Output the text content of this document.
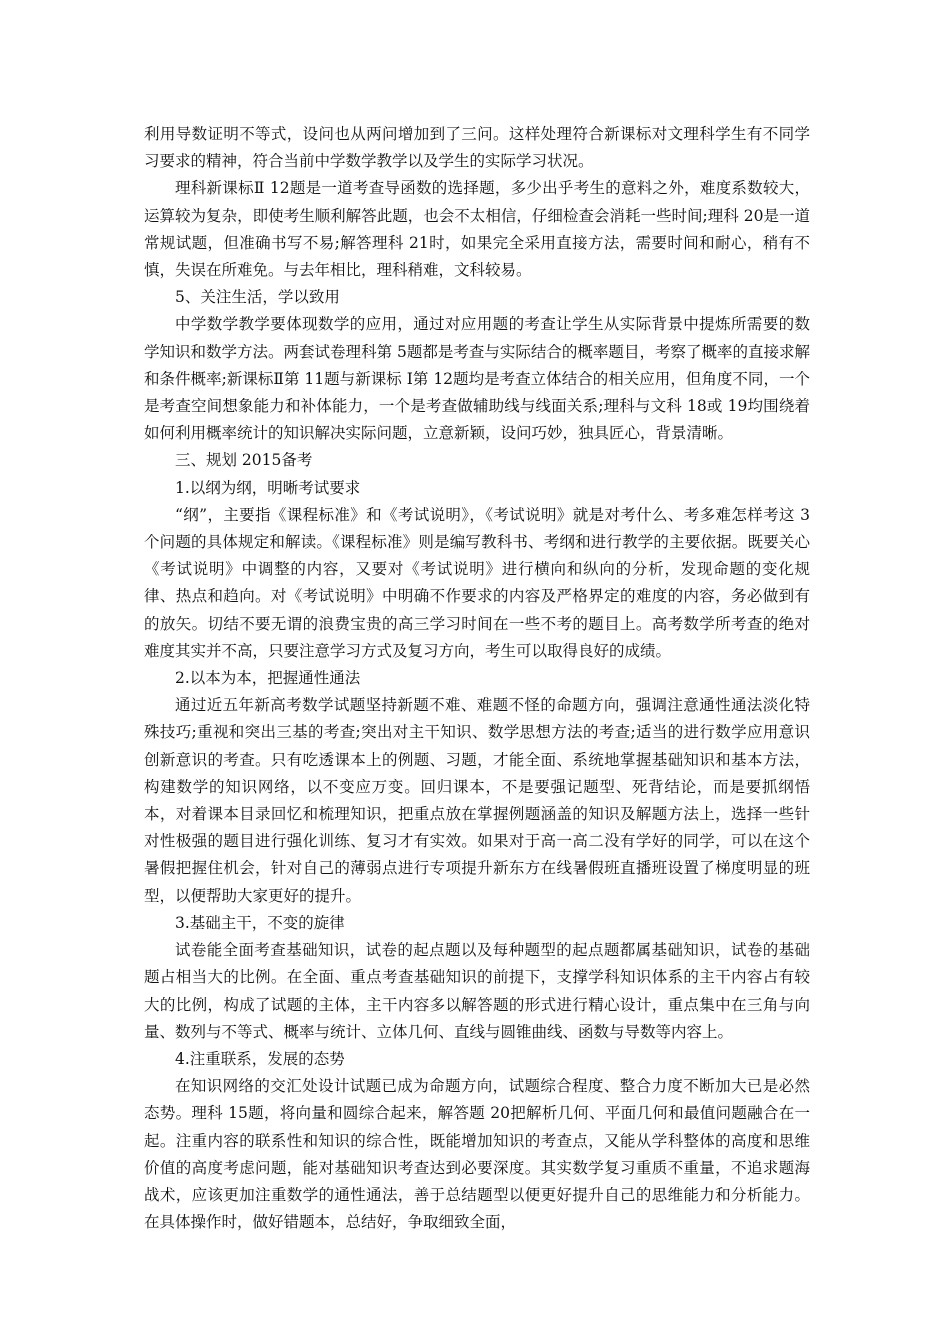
利用导数证明不等式，设问也从两问增加到了三问。这样处理符合新课标对文理科学生有不同学习要求的精神，符合当前中学数学教学以及学生的实际学习状况。

理科新课标Ⅱ 12题是一道考查导函数的选择题，多少出乎考生的意料之外，难度系数较大，运算较为复杂，即使考生顺利解答此题，也会不太相信，仔细检查会消耗一些时间;理科 20是一道常规试题，但准确书写不易;解答理科 21时，如果完全采用直接方法，需要时间和耐心，稍有不慎，失误在所难免。与去年相比，理科稍难，文科较易。

5、关注生活，学以致用

中学数学教学要体现数学的应用，通过对应用题的考查让学生从实际背景中提炼所需要的数学知识和数学方法。两套试卷理科第 5题都是考查与实际结合的概率题目，考察了概率的直接求解和条件概率;新课标Ⅱ第 11题与新课标 I第 12题均是考查立体结合的相关应用，但角度不同，一个是考查空间想象能力和补体能力，一个是考查做辅助线与线面关系;理科与文科 18或 19均围绕着如何利用概率统计的知识解决实际问题，立意新颖，设问巧妙，独具匠心，背景清晰。

三、规划 2015备考

1.以纲为纲，明晰考试要求

“纲”，主要指《课程标准》和《考试说明》，《考试说明》就是对考什么、考多难怎样考这 3个问题的具体规定和解读。《课程标准》则是编写教科书、考纲和进行教学的主要依据。既要关心《考试说明》中调整的内容，又要对《考试说明》进行横向和纵向的分析，发现命题的变化规律、热点和趋向。对《考试说明》中明确不作要求的内容及严格界定的难度的内容，务必做到有的放矢。切结不要无谓的浪费宝贵的高三学习时间在一些不考的题目上。高考数学所考查的绝对难度其实并不高，只要注意学习方式及复习方向，考生可以取得良好的成绩。

2.以本为本，把握通性通法

通过近五年新高考数学试题坚持新题不难、难题不怪的命题方向，强调注意通性通法淡化特殊技巧;重视和突出三基的考查;突出对主干知识、数学思想方法的考查;适当的进行数学应用意识创新意识的考查。只有吃透课本上的例题、习题，才能全面、系统地掌握基础知识和基本方法，构建数学的知识网络，以不变应万变。回归课本，不是要强记题型、死背结论，而是要抓纲悟本，对着课本目录回忆和梳理知识，把重点放在掌握例题涵盖的知识及解题方法上，选择一些针对性极强的题目进行强化训练、复习才有实效。如果对于高一高二没有学好的同学，可以在这个暑假把握住机会，针对自己的薄弱点进行专项提升新东方在线暑假班直播班设置了梯度明显的班型，以便帮助大家更好的提升。

3.基础主干，不变的旋律

试卷能全面考查基础知识，试卷的起点题以及每种题型的起点题都属基础知识，试卷的基础题占相当大的比例。在全面、重点考查基础知识的前提下，支撑学科知识体系的主干内容占有较大的比例，构成了试题的主体，主干内容多以解答题的形式进行精心设计，重点集中在三角与向量、数列与不等式、概率与统计、立体几何、直线与圆锥曲线、函数与导数等内容上。

4.注重联系，发展的态势

在知识网络的交汇处设计试题已成为命题方向，试题综合程度、整合力度不断加大已是必然态势。理科 15题，将向量和圆综合起来，解答题 20把解析几何、平面几何和最值问题融合在一起。注重内容的联系性和知识的综合性，既能增加知识的考查点，又能从学科整体的高度和思维价值的高度考虑问题，能对基础知识考查达到必要深度。其实数学复习重质不重量，不追求题海战术，应该更加注重数学的通性通法，善于总结题型以便更好提升自己的思维能力和分析能力。在具体操作时，做好错题本，总结好，争取细致全面，
